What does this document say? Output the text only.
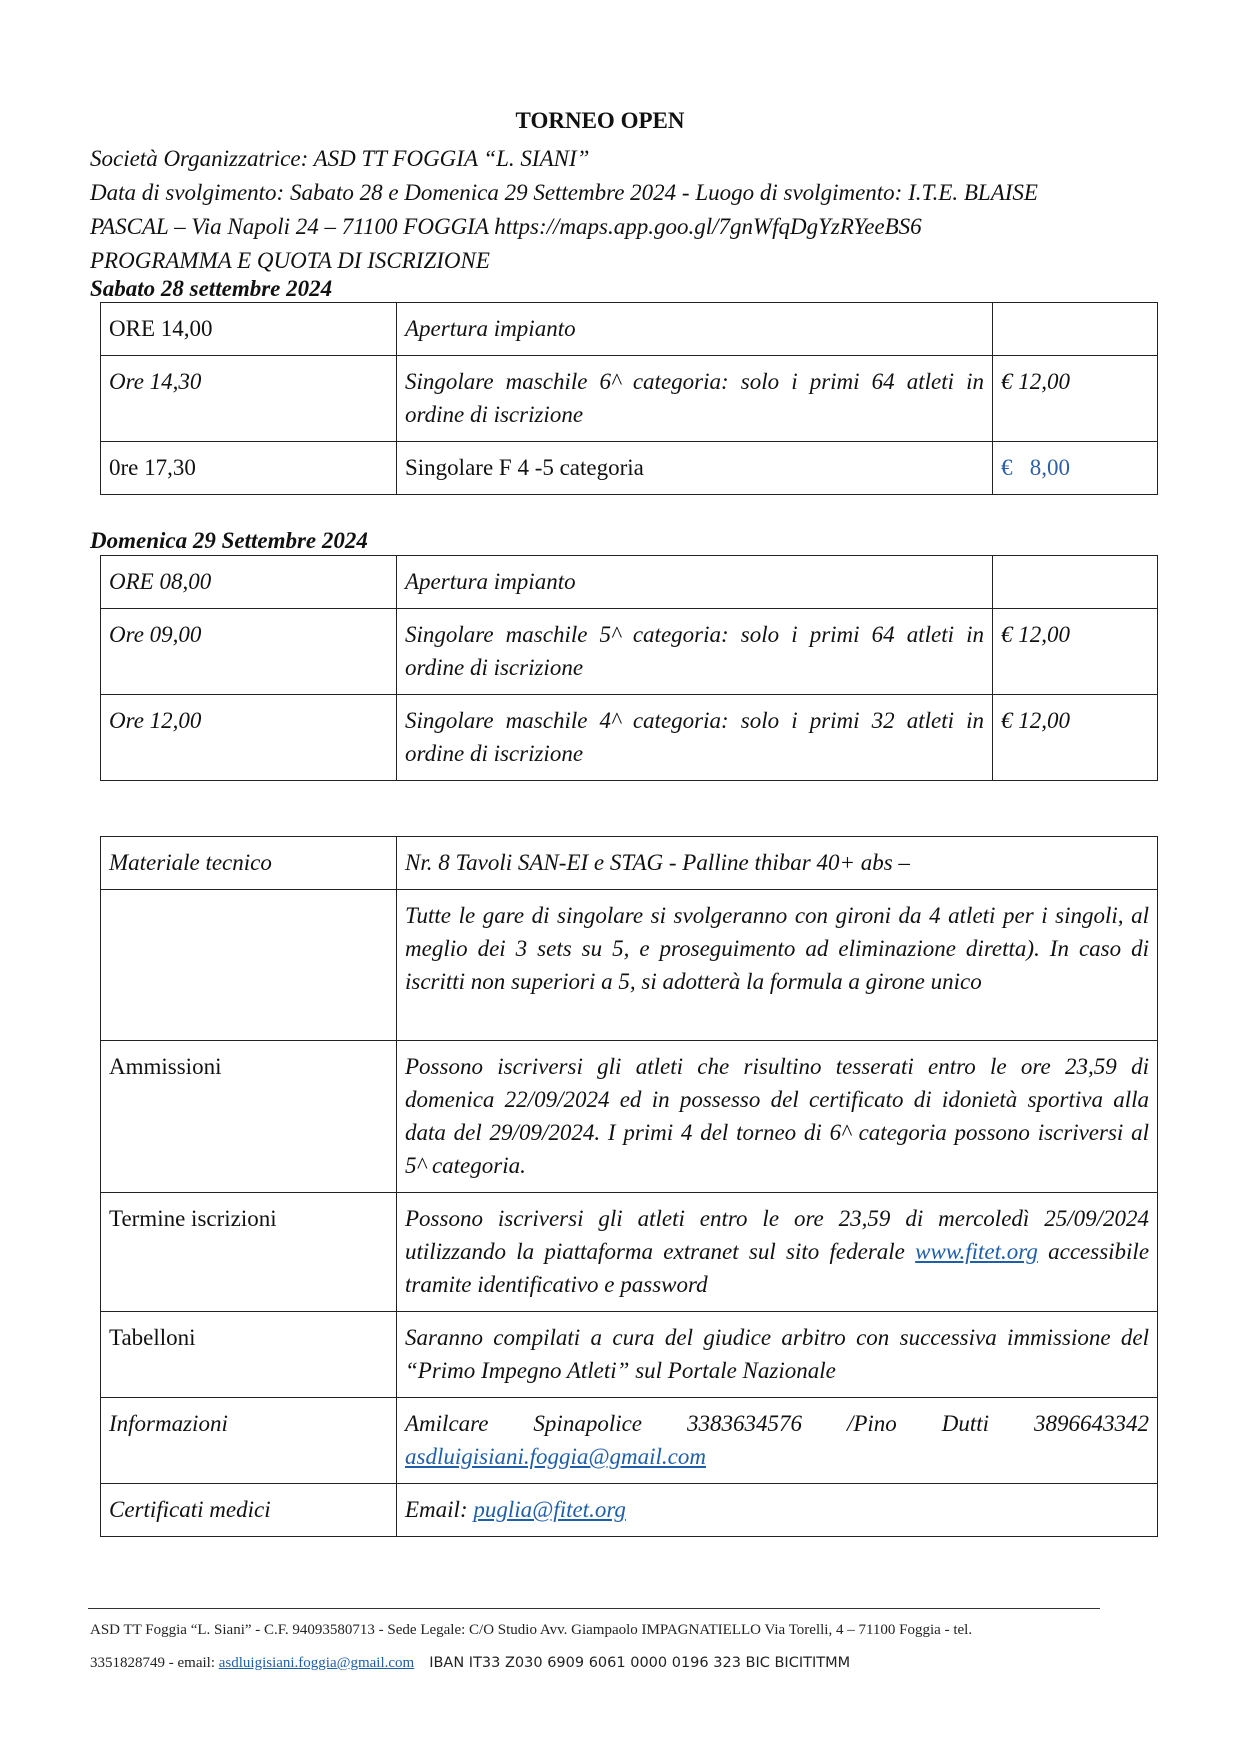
TORNEO OPEN
Società Organizzatrice: ASD TT FOGGIA “L. SIANI”
Data di svolgimento: Sabato 28 e Domenica 29 Settembre 2024 - Luogo di svolgimento: I.T.E. BLAISE
PASCAL – Via Napoli 24 – 71100 FOGGIA https://maps.app.goo.gl/7gnWfqDgYzRYeeBS6
PROGRAMMA E QUOTA DI ISCRIZIONE
Sabato 28 settembre 2024
ORE 14,00	Apertura impianto	
Ore 14,30	Singolare maschile 6^ categoria: solo i primi 64 atleti in ordine di iscrizione	€ 12,00
0re 17,30	Singolare F 4 -5 categoria	€   8,00
Domenica 29 Settembre 2024
ORE 08,00	Apertura impianto	
Ore 09,00	Singolare maschile 5^ categoria: solo i primi 64 atleti in ordine di iscrizione	€ 12,00
Ore 12,00	Singolare maschile 4^ categoria: solo i primi 32 atleti in ordine di iscrizione	€ 12,00
Materiale tecnico	Nr. 8 Tavoli SAN-EI e STAG - Palline thibar 40+ abs –
	Tutte le gare di singolare si svolgeranno con gironi da 4 atleti per i singoli, al meglio dei 3 sets su 5, e proseguimento ad eliminazione diretta). In caso di iscritti non superiori a 5, si adotterà la formula a girone unico
Ammissioni	Possono iscriversi gli atleti che risultino tesserati entro le ore 23,59 di domenica 22/09/2024 ed in possesso del certificato di idonietà sportiva alla data del 29/09/2024. I primi 4 del torneo di 6^ categoria possono iscriversi al 5^ categoria.
Termine iscrizioni	Possono iscriversi gli atleti entro le ore 23,59 di mercoledì 25/09/2024 utilizzando la piattaforma extranet sul sito federale www.fitet.org accessibile tramite identificativo e password
Tabelloni	Saranno compilati a cura del giudice arbitro con successiva immissione del “Primo Impegno Atleti” sul Portale Nazionale
Informazioni	Amilcare Spinapolice 3383634576 /Pino Dutti 3896643342
asdluigisiani.foggia@gmail.com
Certificati medici	Email: puglia@fitet.org
ASD TT Foggia “L. Siani” - C.F. 94093580713 - Sede Legale: C/O Studio Avv. Giampaolo IMPAGNATIELLO Via Torelli, 4 – 71100 Foggia - tel.
3351828749 - email: asdluigisiani.foggia@gmail.com IBAN IT33 Z030 6909 6061 0000 0196 323 BIC BICITITMM
